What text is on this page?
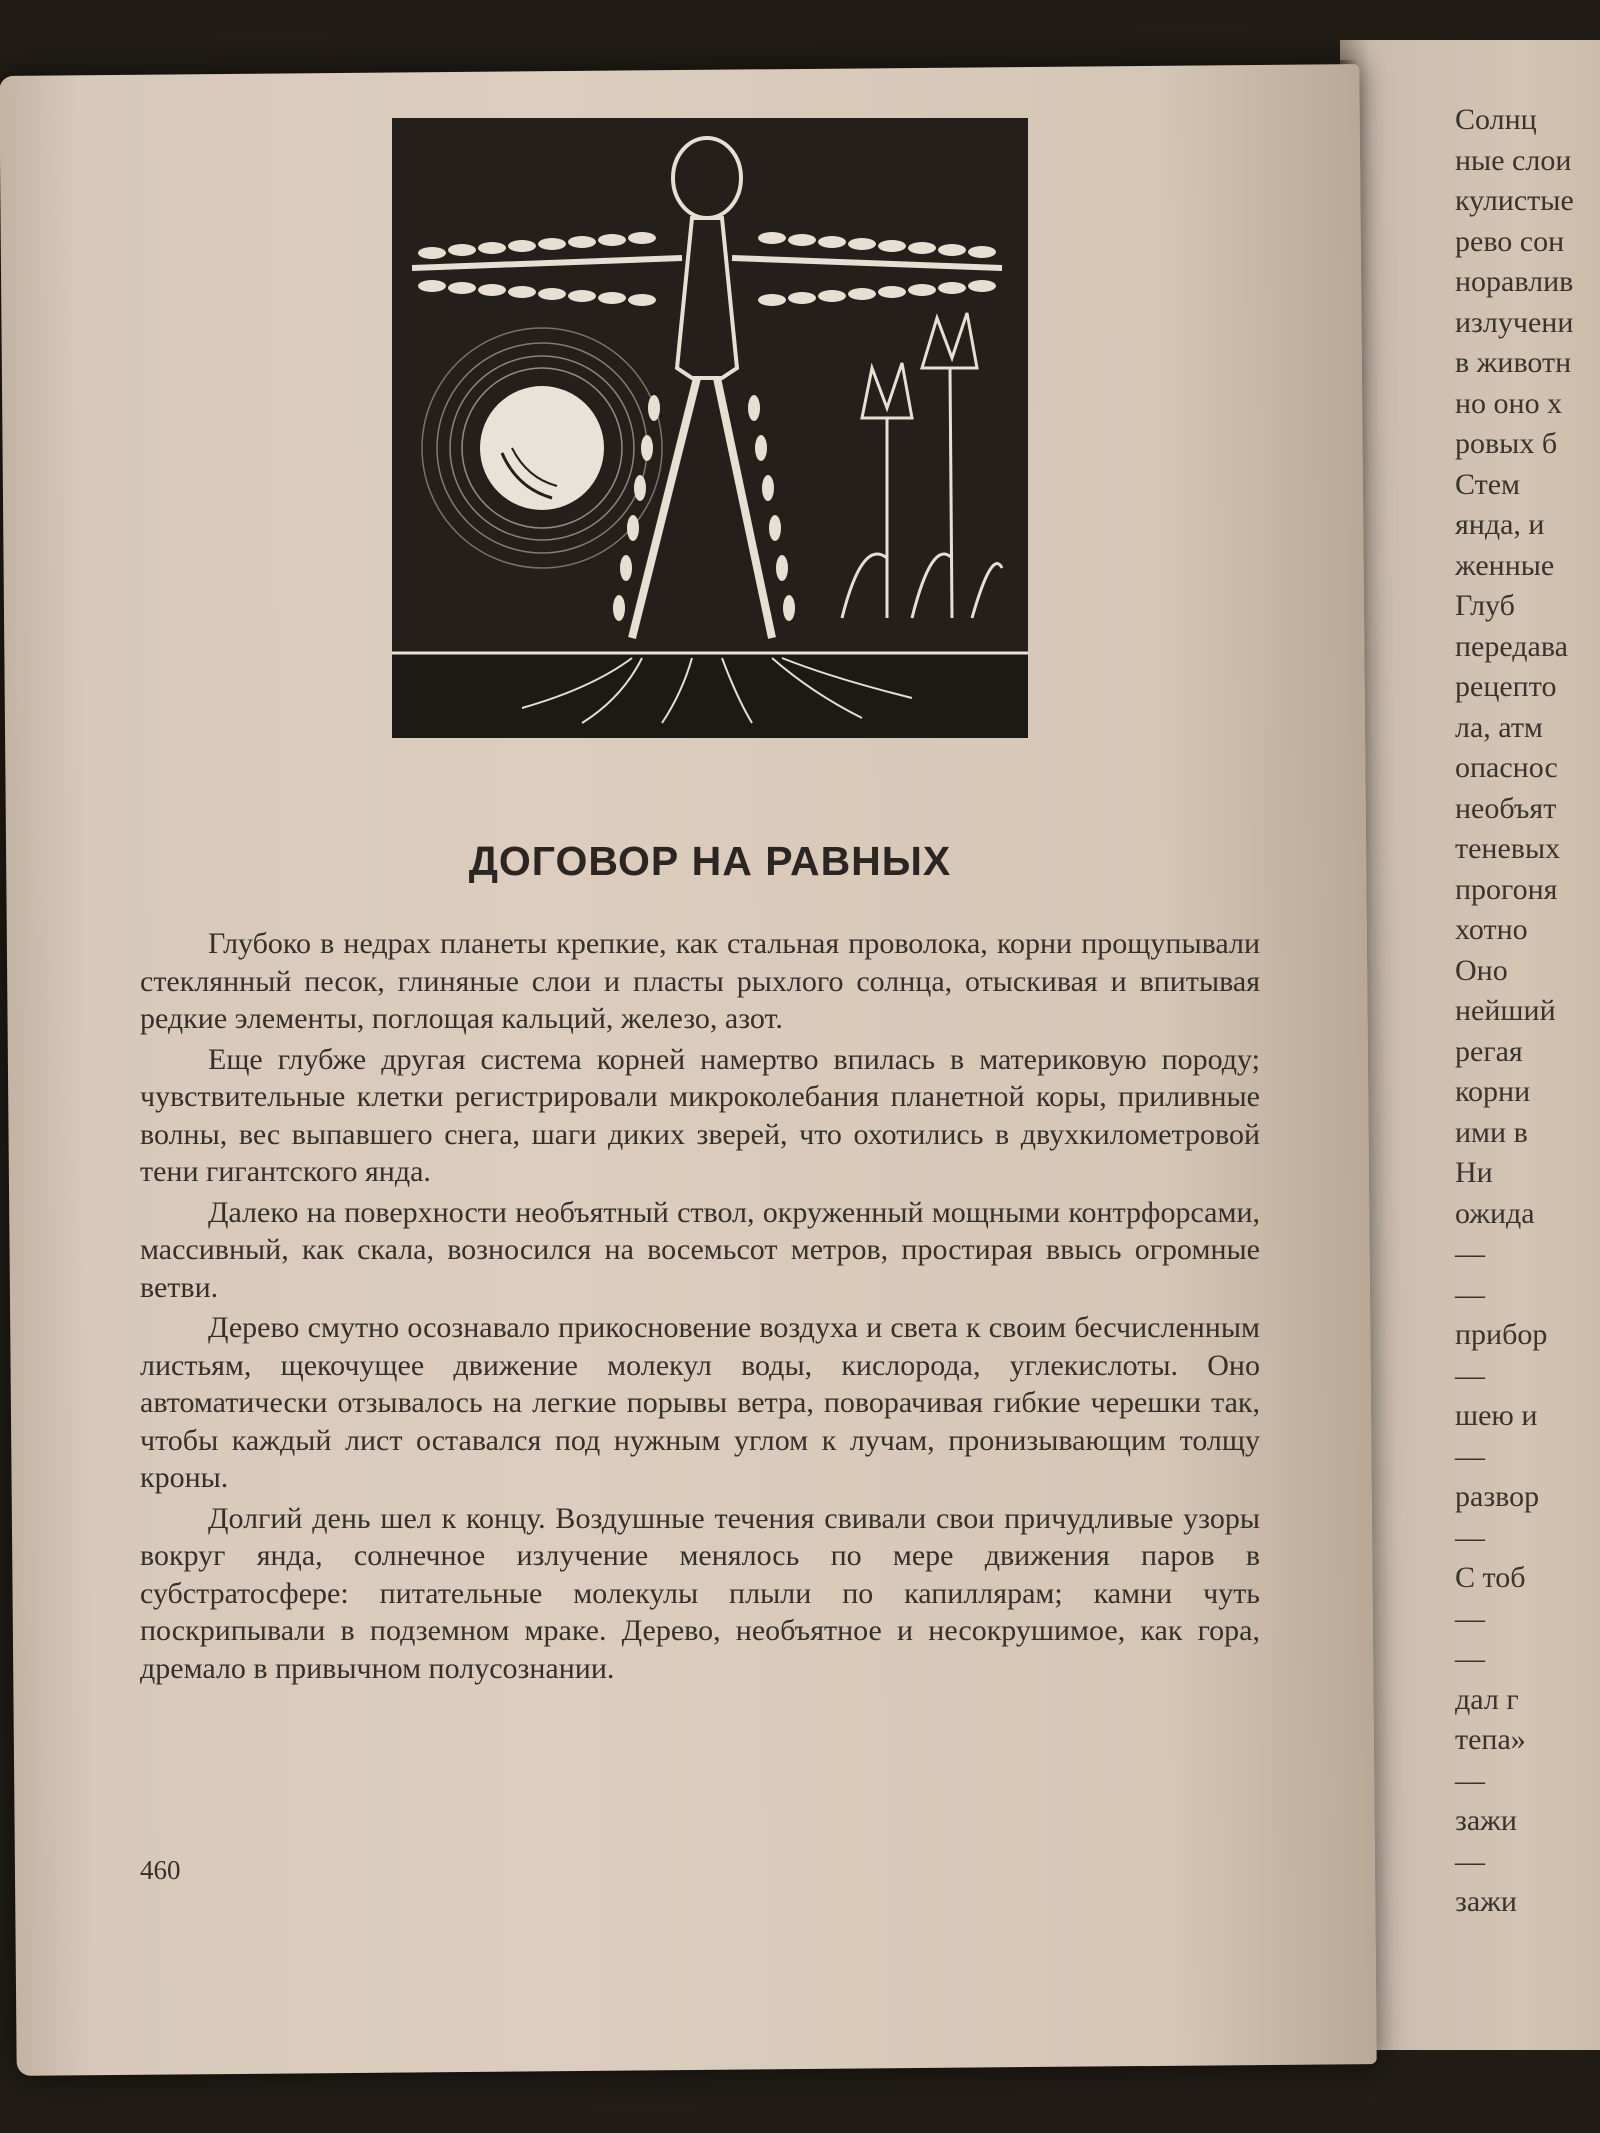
ДОГОВОР НА РАВНЫХ

Глубоко в недрах планеты крепкие, как стальная проволока, корни прощупывали стеклянный песок, глиняные слои и пласты рыхлого солнца, отыскивая и впитывая редкие элементы, поглощая кальций, железо, азот.

Еще глубже другая система корней намертво впилась в материковую породу; чувствительные клетки регистрировали микроколебания планетной коры, приливные волны, вес выпавшего снега, шаги диких зверей, что охотились в двухкилометровой тени гигантского янда.

Далеко на поверхности необъятный ствол, окруженный мощными контрфорсами, массивный, как скала, возносился на восемьсот метров, простирая ввысь огромные ветви.

Дерево смутно осознавало прикосновение воздуха и света к своим бесчисленным листьям, щекочущее движение молекул воды, кислорода, углекислоты. Оно автоматически отзывалось на легкие порывы ветра, поворачивая гибкие черешки так, чтобы каждый лист оставался под нужным углом к лучам, пронизывающим толщу кроны.

Долгий день шел к концу. Воздушные течения свивали свои причудливые узоры вокруг янда, солнечное излучение менялось по мере движения паров в субстратосфере: питательные молекулы плыли по капиллярам; камни чуть поскрипывали в подземном мраке. Дерево, необъятное и несокрушимое, как гора, дремало в привычном полусознании.

460
Солнц
ные слои
кулистые
рево сон
норавлив
излучени
в животн
но оно х
ровых б
Стем
янда, и
женные
Глуб
передава
рецепто
ла, атм
опаснос
необъят
теневых
прогоня
хотно
Оно
нейший
регая
корни
ими в
Ни
ожида
—
—
прибор
—
шею и
—
развор
—
С тоб
—
—
дал г
тепа»
—
зажи
—
зажи
